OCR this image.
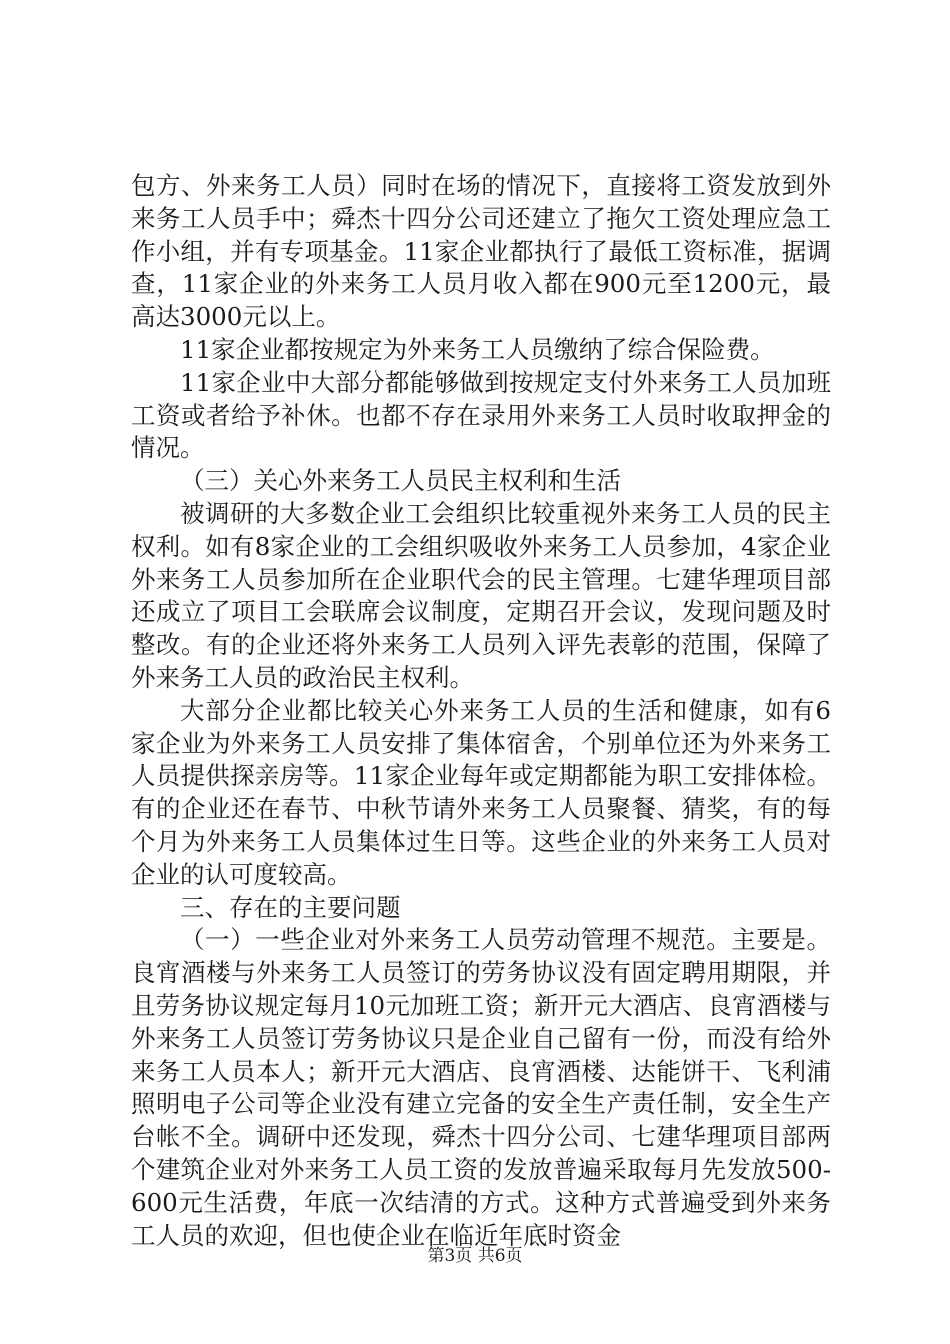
包方、外来务工人员）同时在场的情况下，直接将工资发放到外来务工人员手中；舜杰十四分公司还建立了拖欠工资处理应急工作小组，并有专项基金。11家企业都执行了最低工资标准，据调查，11家企业的外来务工人员月收入都在900元至1200元，最高达3000元以上。

11家企业都按规定为外来务工人员缴纳了综合保险费。

11家企业中大部分都能够做到按规定支付外来务工人员加班工资或者给予补休。也都不存在录用外来务工人员时收取押金的情况。

（三）关心外来务工人员民主权利和生活

被调研的大多数企业工会组织比较重视外来务工人员的民主权利。如有8家企业的工会组织吸收外来务工人员参加，4家企业外来务工人员参加所在企业职代会的民主管理。七建华理项目部还成立了项目工会联席会议制度，定期召开会议，发现问题及时整改。有的企业还将外来务工人员列入评先表彰的范围，保障了外来务工人员的政治民主权利。

大部分企业都比较关心外来务工人员的生活和健康，如有6家企业为外来务工人员安排了集体宿舍，个别单位还为外来务工人员提供探亲房等。11家企业每年或定期都能为职工安排体检。有的企业还在春节、中秋节请外来务工人员聚餐、猜奖，有的每个月为外来务工人员集体过生日等。这些企业的外来务工人员对企业的认可度较高。

三、存在的主要问题

（一）一些企业对外来务工人员劳动管理不规范。主要是。良宵酒楼与外来务工人员签订的劳务协议没有固定聘用期限，并且劳务协议规定每月10元加班工资；新开元大酒店、良宵酒楼与外来务工人员签订劳务协议只是企业自己留有一份，而没有给外来务工人员本人；新开元大酒店、良宵酒楼、达能饼干、飞利浦照明电子公司等企业没有建立完备的安全生产责任制，安全生产台帐不全。调研中还发现，舜杰十四分公司、七建华理项目部两个建筑企业对外来务工人员工资的发放普遍采取每月先发放500-600元生活费，年底一次结清的方式。这种方式普遍受到外来务工人员的欢迎，但也使企业在临近年底时资金

第3页 共6页
